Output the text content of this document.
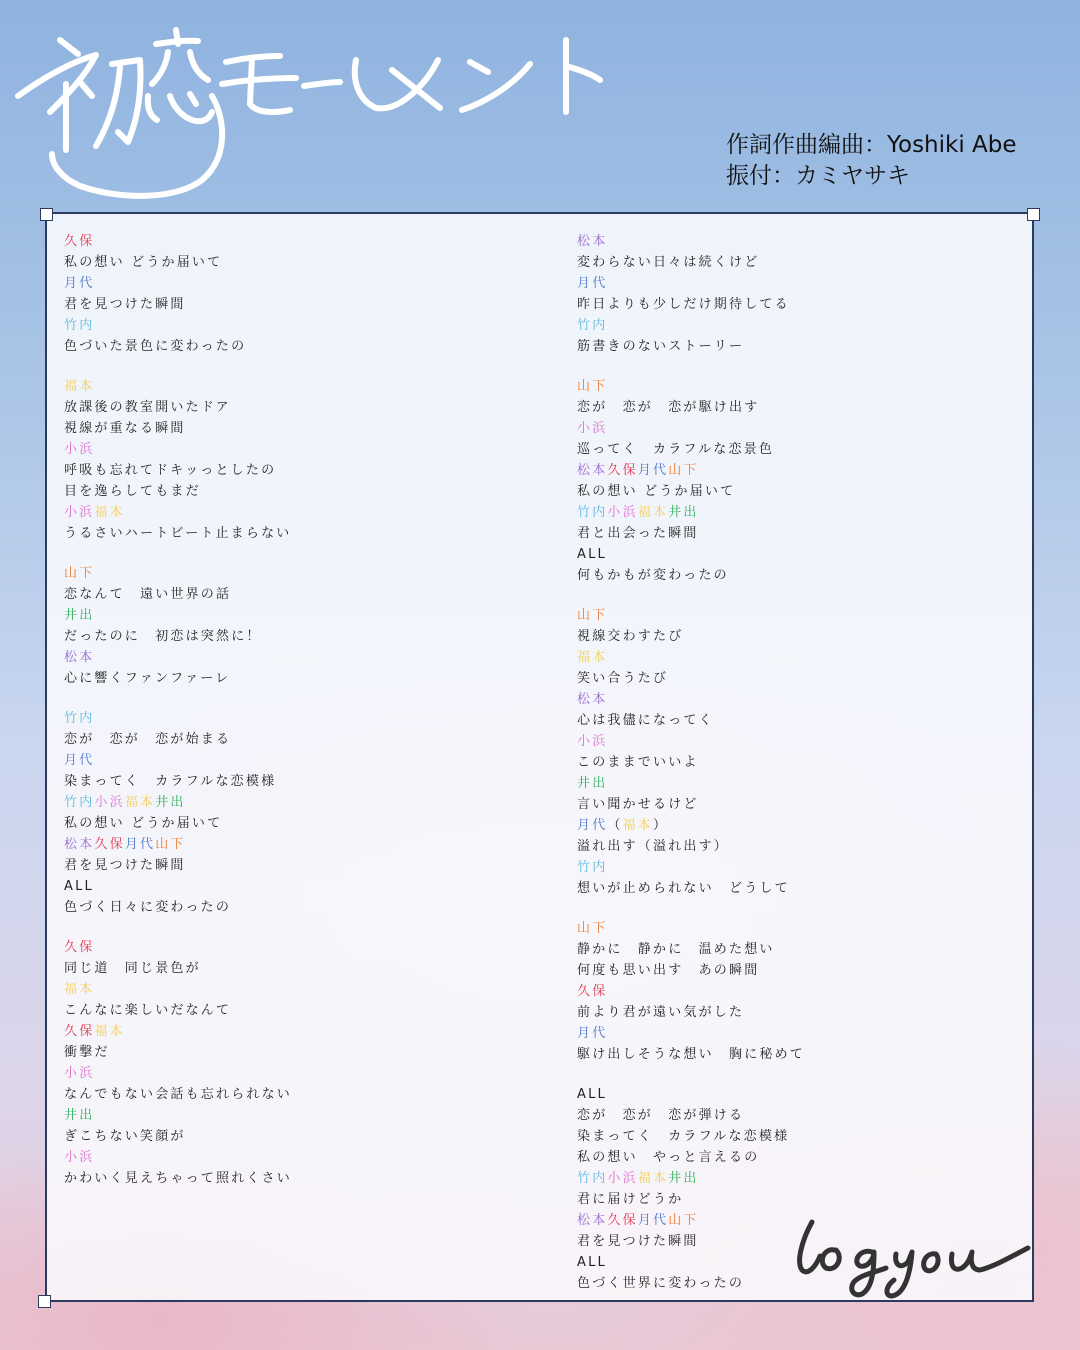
作詞作曲編曲：Yoshiki Abe
振付：カミヤサキ
久保
私の想い どうか届いて
月代
君を見つけた瞬間
竹内
色づいた景色に変わったの
福本
放課後の教室開いたドア
視線が重なる瞬間
小浜
呼吸も忘れてドキッっとしたの
目を逸らしてもまだ
小浜福本
うるさいハートビート止まらない
山下
恋なんて　遠い世界の話
井出
だったのに　初恋は突然に！
松本
心に響くファンファーレ
竹内
恋が　恋が　恋が始まる
月代
染まってく　カラフルな恋模様
竹内小浜福本井出
私の想い どうか届いて
松本久保月代山下
君を見つけた瞬間
ALL
色づく日々に変わったの
久保
同じ道　同じ景色が
福本
こんなに楽しいだなんて
久保福本
衝撃だ
小浜
なんでもない会話も忘れられない
井出
ぎこちない笑顔が
小浜
かわいく見えちゃって照れくさい
松本
変わらない日々は続くけど
月代
昨日よりも少しだけ期待してる
竹内
筋書きのないストーリー
山下
恋が　恋が　恋が駆け出す
小浜
巡ってく　カラフルな恋景色
松本久保月代山下
私の想い どうか届いて
竹内小浜福本井出
君と出会った瞬間
ALL
何もかもが変わったの
山下
視線交わすたび
福本
笑い合うたび
松本
心は我儘になってく
小浜
このままでいいよ
井出
言い聞かせるけど
月代（福本）
溢れ出す（溢れ出す）
竹内
想いが止められない　どうして
山下
静かに　静かに　温めた想い
何度も思い出す　あの瞬間
久保
前より君が遠い気がした
月代
駆け出しそうな想い　胸に秘めて
ALL
恋が　恋が　恋が弾ける
染まってく　カラフルな恋模様
私の想い　やっと言えるの
竹内小浜福本井出
君に届けどうか
松本久保月代山下
君を見つけた瞬間
ALL
色づく世界に変わったの
